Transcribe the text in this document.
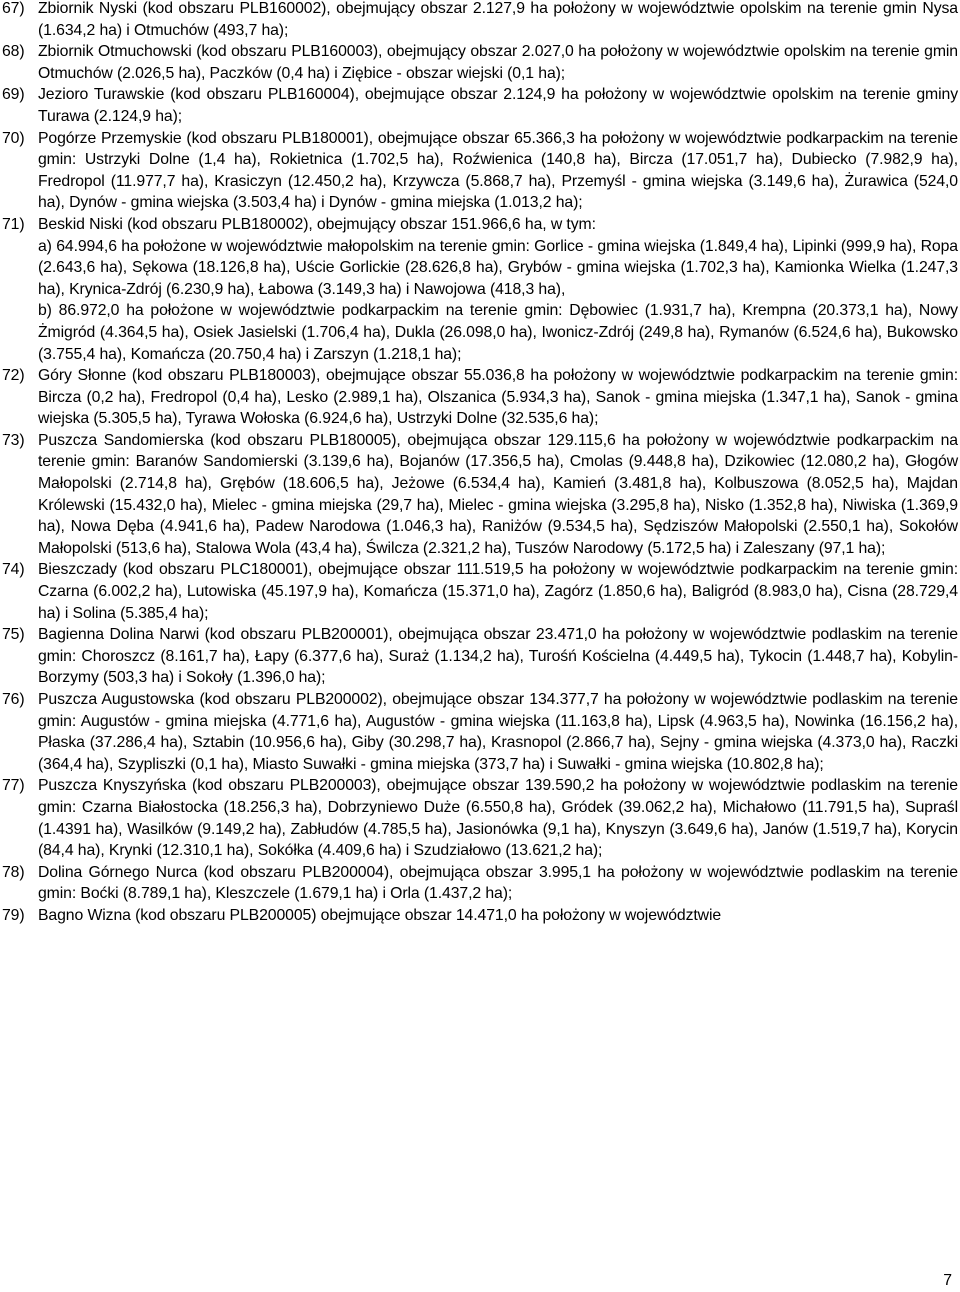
67) Zbiornik Nyski (kod obszaru PLB160002), obejmujący obszar 2.127,9 ha położony w województwie opolskim na terenie gmin Nysa (1.634,2 ha) i Otmuchów (493,7 ha);
68) Zbiornik Otmuchowski (kod obszaru PLB160003), obejmujący obszar 2.027,0 ha położony w województwie opolskim na terenie gmin Otmuchów (2.026,5 ha), Paczków (0,4 ha) i Ziębice - obszar wiejski (0,1 ha);
69) Jezioro Turawskie (kod obszaru PLB160004), obejmujące obszar 2.124,9 ha położony w województwie opolskim na terenie gminy Turawa (2.124,9 ha);
70) Pogórze Przemyskie (kod obszaru PLB180001), obejmujące obszar 65.366,3 ha położony w województwie podkarpackim na terenie gmin: Ustrzyki Dolne (1,4 ha), Rokietnica (1.702,5 ha), Roźwienica (140,8 ha), Bircza (17.051,7 ha), Dubiecko (7.982,9 ha), Fredropol (11.977,7 ha), Krasiczyn (12.450,2 ha), Krzywcza (5.868,7 ha), Przemyśl - gmina wiejska (3.149,6 ha), Żurawica (524,0 ha), Dynów - gmina wiejska (3.503,4 ha) i Dynów - gmina miejska (1.013,2 ha);
71) Beskid Niski (kod obszaru PLB180002), obejmujący obszar 151.966,6 ha, w tym:
a) 64.994,6 ha położone w województwie małopolskim na terenie gmin: Gorlice - gmina wiejska (1.849,4 ha), Lipinki (999,9 ha), Ropa (2.643,6 ha), Sękowa (18.126,8 ha), Uście Gorlickie (28.626,8 ha), Grybów - gmina wiejska (1.702,3 ha), Kamionka Wielka (1.247,3 ha), Krynica-Zdrój (6.230,9 ha), Łabowa (3.149,3 ha) i Nawojowa (418,3 ha),
b) 86.972,0 ha położone w województwie podkarpackim na terenie gmin: Dębowiec (1.931,7 ha), Krempna (20.373,1 ha), Nowy Żmigród (4.364,5 ha), Osiek Jasielski (1.706,4 ha), Dukla (26.098,0 ha), Iwonicz-Zdrój (249,8 ha), Rymanów (6.524,6 ha), Bukowsko (3.755,4 ha), Komańcza (20.750,4 ha) i Zarszyn (1.218,1 ha);
72) Góry Słonne (kod obszaru PLB180003), obejmujące obszar 55.036,8 ha położony w województwie podkarpackim na terenie gmin: Bircza (0,2 ha), Fredropol (0,4 ha), Lesko (2.989,1 ha), Olszanica (5.934,3 ha), Sanok - gmina miejska (1.347,1 ha), Sanok - gmina wiejska (5.305,5 ha), Tyrawa Wołoska (6.924,6 ha), Ustrzyki Dolne (32.535,6 ha);
73) Puszcza Sandomierska (kod obszaru PLB180005), obejmująca obszar 129.115,6 ha położony w województwie podkarpackim na terenie gmin: Baranów Sandomierski (3.139,6 ha), Bojanów (17.356,5 ha), Cmolas (9.448,8 ha), Dzikowiec (12.080,2 ha), Głogów Małopolski (2.714,8 ha), Grębów (18.606,5 ha), Jeżowe (6.534,4 ha), Kamień (3.481,8 ha), Kolbuszowa (8.052,5 ha), Majdan Królewski (15.432,0 ha), Mielec - gmina miejska (29,7 ha), Mielec - gmina wiejska (3.295,8 ha), Nisko (1.352,8 ha), Niwiska (1.369,9 ha), Nowa Dęba (4.941,6 ha), Padew Narodowa (1.046,3 ha), Raniżów (9.534,5 ha), Sędziszów Małopolski (2.550,1 ha), Sokołów Małopolski (513,6 ha), Stalowa Wola (43,4 ha), Świlcza (2.321,2 ha), Tuszów Narodowy (5.172,5 ha) i Zaleszany (97,1 ha);
74) Bieszczady (kod obszaru PLC180001), obejmujące obszar 111.519,5 ha położony w województwie podkarpackim na terenie gmin: Czarna (6.002,2 ha), Lutowiska (45.197,9 ha), Komańcza (15.371,0 ha), Zagórz (1.850,6 ha), Baligród (8.983,0 ha), Cisna (28.729,4 ha) i Solina (5.385,4 ha);
75) Bagienna Dolina Narwi (kod obszaru PLB200001), obejmująca obszar 23.471,0 ha położony w województwie podlaskim na terenie gmin: Choroszcz (8.161,7 ha), Łapy (6.377,6 ha), Suraż (1.134,2 ha), Turośń Kościelna (4.449,5 ha), Tykocin (1.448,7 ha), Kobylin-Borzymy (503,3 ha) i Sokoły (1.396,0 ha);
76) Puszcza Augustowska (kod obszaru PLB200002), obejmujące obszar 134.377,7 ha położony w województwie podlaskim na terenie gmin: Augustów - gmina miejska (4.771,6 ha), Augustów - gmina wiejska (11.163,8 ha), Lipsk (4.963,5 ha), Nowinka (16.156,2 ha), Płaska (37.286,4 ha), Sztabin (10.956,6 ha), Giby (30.298,7 ha), Krasnopol (2.866,7 ha), Sejny - gmina wiejska (4.373,0 ha), Raczki (364,4 ha), Szypliszki (0,1 ha), Miasto Suwałki - gmina miejska (373,7 ha) i Suwałki - gmina wiejska (10.802,8 ha);
77) Puszcza Knyszyńska (kod obszaru PLB200003), obejmujące obszar 139.590,2 ha położony w województwie podlaskim na terenie gmin: Czarna Białostocka (18.256,3 ha), Dobrzyniewo Duże (6.550,8 ha), Gródek (39.062,2 ha), Michałowo (11.791,5 ha), Supraśl (1.4391 ha), Wasilków (9.149,2 ha), Zabłudów (4.785,5 ha), Jasionówka (9,1 ha), Knyszyn (3.649,6 ha), Janów (1.519,7 ha), Korycin (84,4 ha), Krynki (12.310,1 ha), Sokółka (4.409,6 ha) i Szudziałowo (13.621,2 ha);
78) Dolina Górnego Nurca (kod obszaru PLB200004), obejmująca obszar 3.995,1 ha położony w województwie podlaskim na terenie gmin: Boćki (8.789,1 ha), Kleszczele (1.679,1 ha) i Orla (1.437,2 ha);
79) Bagno Wizna (kod obszaru PLB200005) obejmujące obszar 14.471,0 ha położony w województwie
7
